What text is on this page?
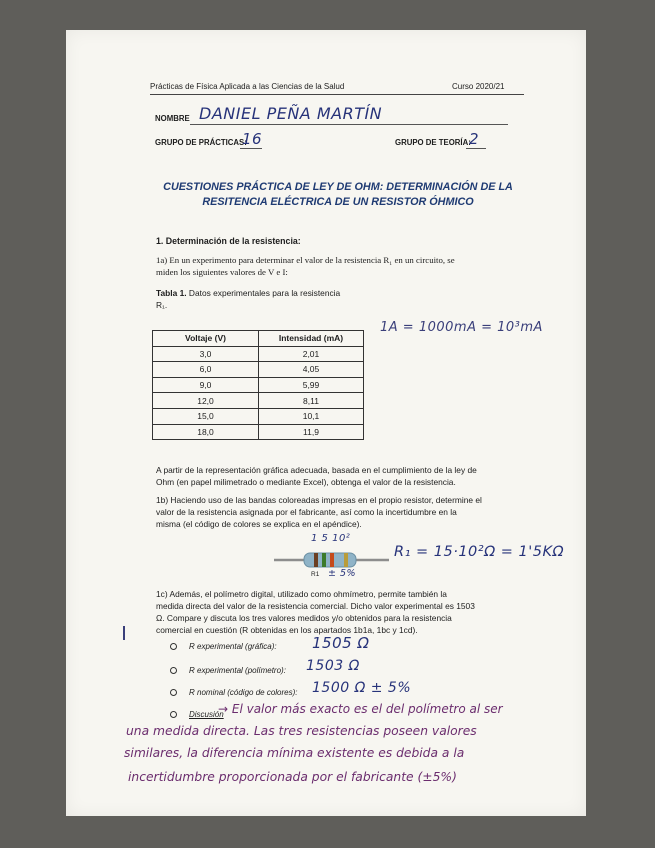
Prácticas de Física Aplicada a las Ciencias de la Salud	Curso 2020/21
NOMBRE DANIEL PEÑA MARTÍN
GRUPO DE PRÁCTICAS:
16	GRUPO DE TEORÍA:
2
CUESTIONES PRÁCTICA DE LEY DE OHM: DETERMINACIÓN DE LA
RESITENCIA ELÉCTRICA DE UN RESISTOR ÓHMICO
1. Determinación de la resistencia:
1a) En un experimento para determinar el valor de la resistencia R₁ en un circuito, se
miden los siguientes valores de V e I:
Tabla 1. Datos experimentales para la resistencia
R₁.
Voltaje (V)	Intensidad (mA)
3,0	2,01
6,0	4,05
9,0	5,99
12,0	8,11
15,0	10,1
18,0	11,9
1A = 1000mA = 10³mA
A partir de la representación gráfica adecuada, basada en el cumplimiento de la ley de
Ohm (en papel milimetrado o mediante Excel), obtenga el valor de la resistencia.
1b) Haciendo uso de las bandas coloreadas impresas en el propio resistor, determine el
valor de la resistencia asignada por el fabricante, así como la incertidumbre en la
misma (el código de colores se explica en el apéndice).
1 5 10²
R1 ± 5%
R₁ = 15·10²Ω = 1'5KΩ
1c) Además, el polímetro digital, utilizado como ohmímetro, permite también la
medida directa del valor de la resistencia comercial. Dicho valor experimental es 1503
Ω. Compare y discuta los tres valores medidos y/o obtenidos para la resistencia
comercial en cuestión (R obtenidas en los apartados 1b1a, 1bc y 1cd).
R experimental (gráfica): 1505 Ω
R experimental (polímetro): 1503 Ω
R nominal (código de colores): 1500 Ω ± 5%
Discusión
→ El valor más exacto es el del polímetro al ser
una medida directa. Las tres resistencias poseen valores
similares, la diferencia mínima existente es debida a la
incertidumbre proporcionada por el fabricante (±5%)
